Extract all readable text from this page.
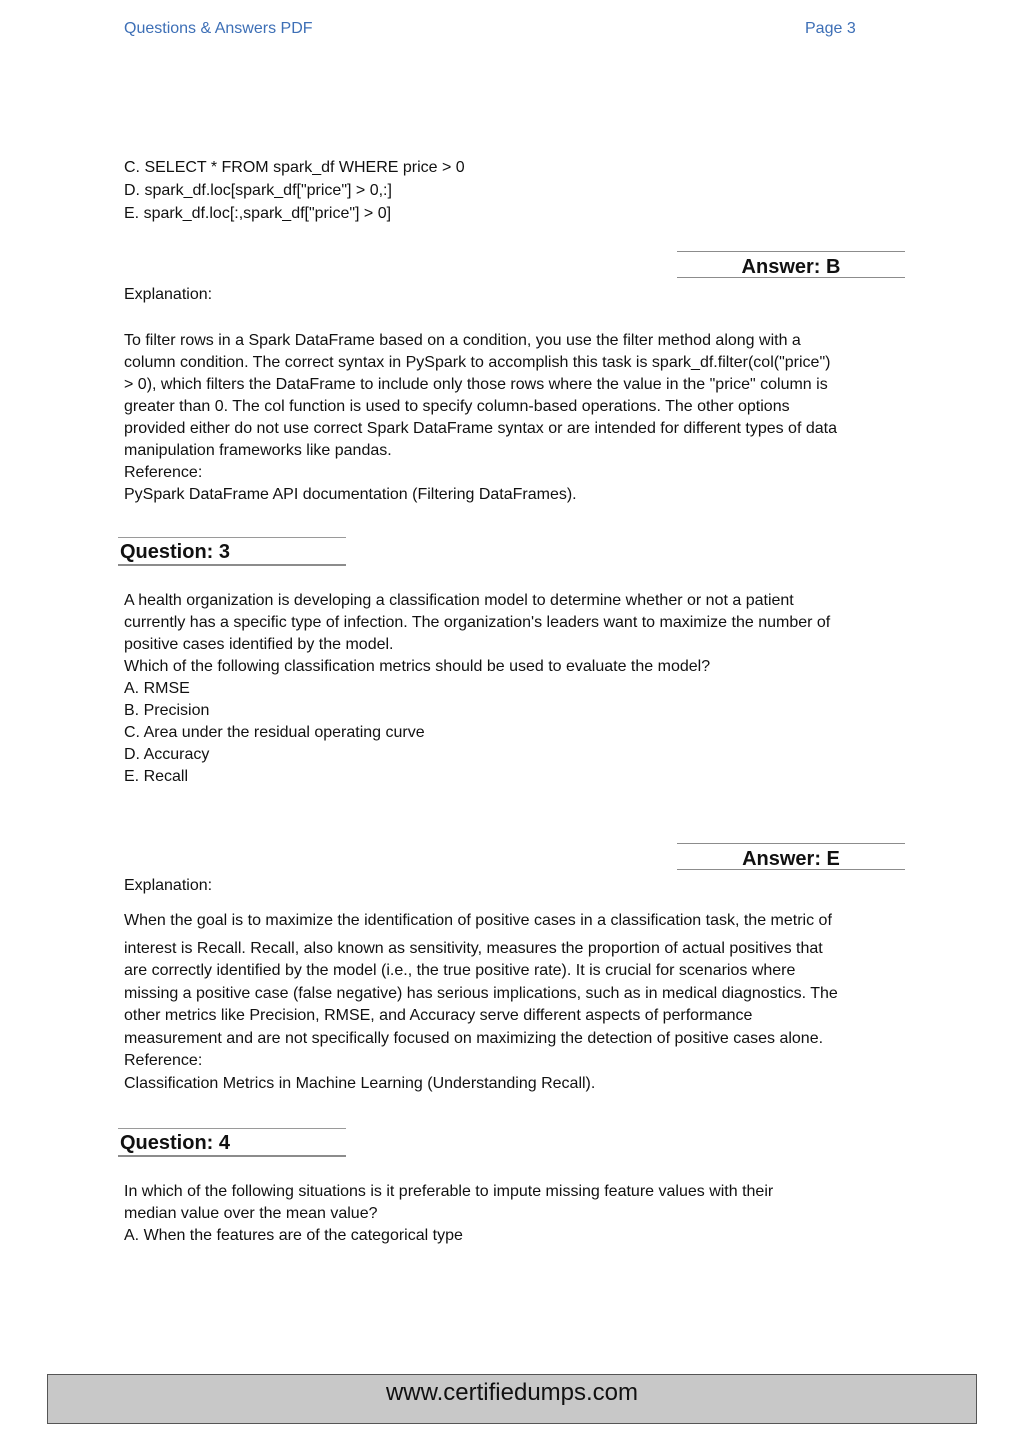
Questions & Answers PDF	Page 3
C. SELECT * FROM spark_df WHERE price > 0
D. spark_df.loc[spark_df["price"] > 0,:]
E. spark_df.loc[:,spark_df["price"] > 0]
Answer: B
Explanation:
To filter rows in a Spark DataFrame based on a condition, you use the filter method along with a
column condition. The correct syntax in PySpark to accomplish this task is spark_df.filter(col("price")
> 0), which filters the DataFrame to include only those rows where the value in the "price" column is
greater than 0. The col function is used to specify column-based operations. The other options
provided either do not use correct Spark DataFrame syntax or are intended for different types of data
manipulation frameworks like pandas.
Reference:
PySpark DataFrame API documentation (Filtering DataFrames).
Question: 3
A health organization is developing a classification model to determine whether or not a patient
currently has a specific type of infection. The organization's leaders want to maximize the number of
positive cases identified by the model.
Which of the following classification metrics should be used to evaluate the model?
A. RMSE
B. Precision
C. Area under the residual operating curve
D. Accuracy
E. Recall
Answer: E
Explanation:
When the goal is to maximize the identification of positive cases in a classification task, the metric of
interest is Recall. Recall, also known as sensitivity, measures the proportion of actual positives that
are correctly identified by the model (i.e., the true positive rate). It is crucial for scenarios where
missing a positive case (false negative) has serious implications, such as in medical diagnostics. The
other metrics like Precision, RMSE, and Accuracy serve different aspects of performance
measurement and are not specifically focused on maximizing the detection of positive cases alone.
Reference:
Classification Metrics in Machine Learning (Understanding Recall).
Question: 4
In which of the following situations is it preferable to impute missing feature values with their
median value over the mean value?
A. When the features are of the categorical type
www.certifiedumps.com
